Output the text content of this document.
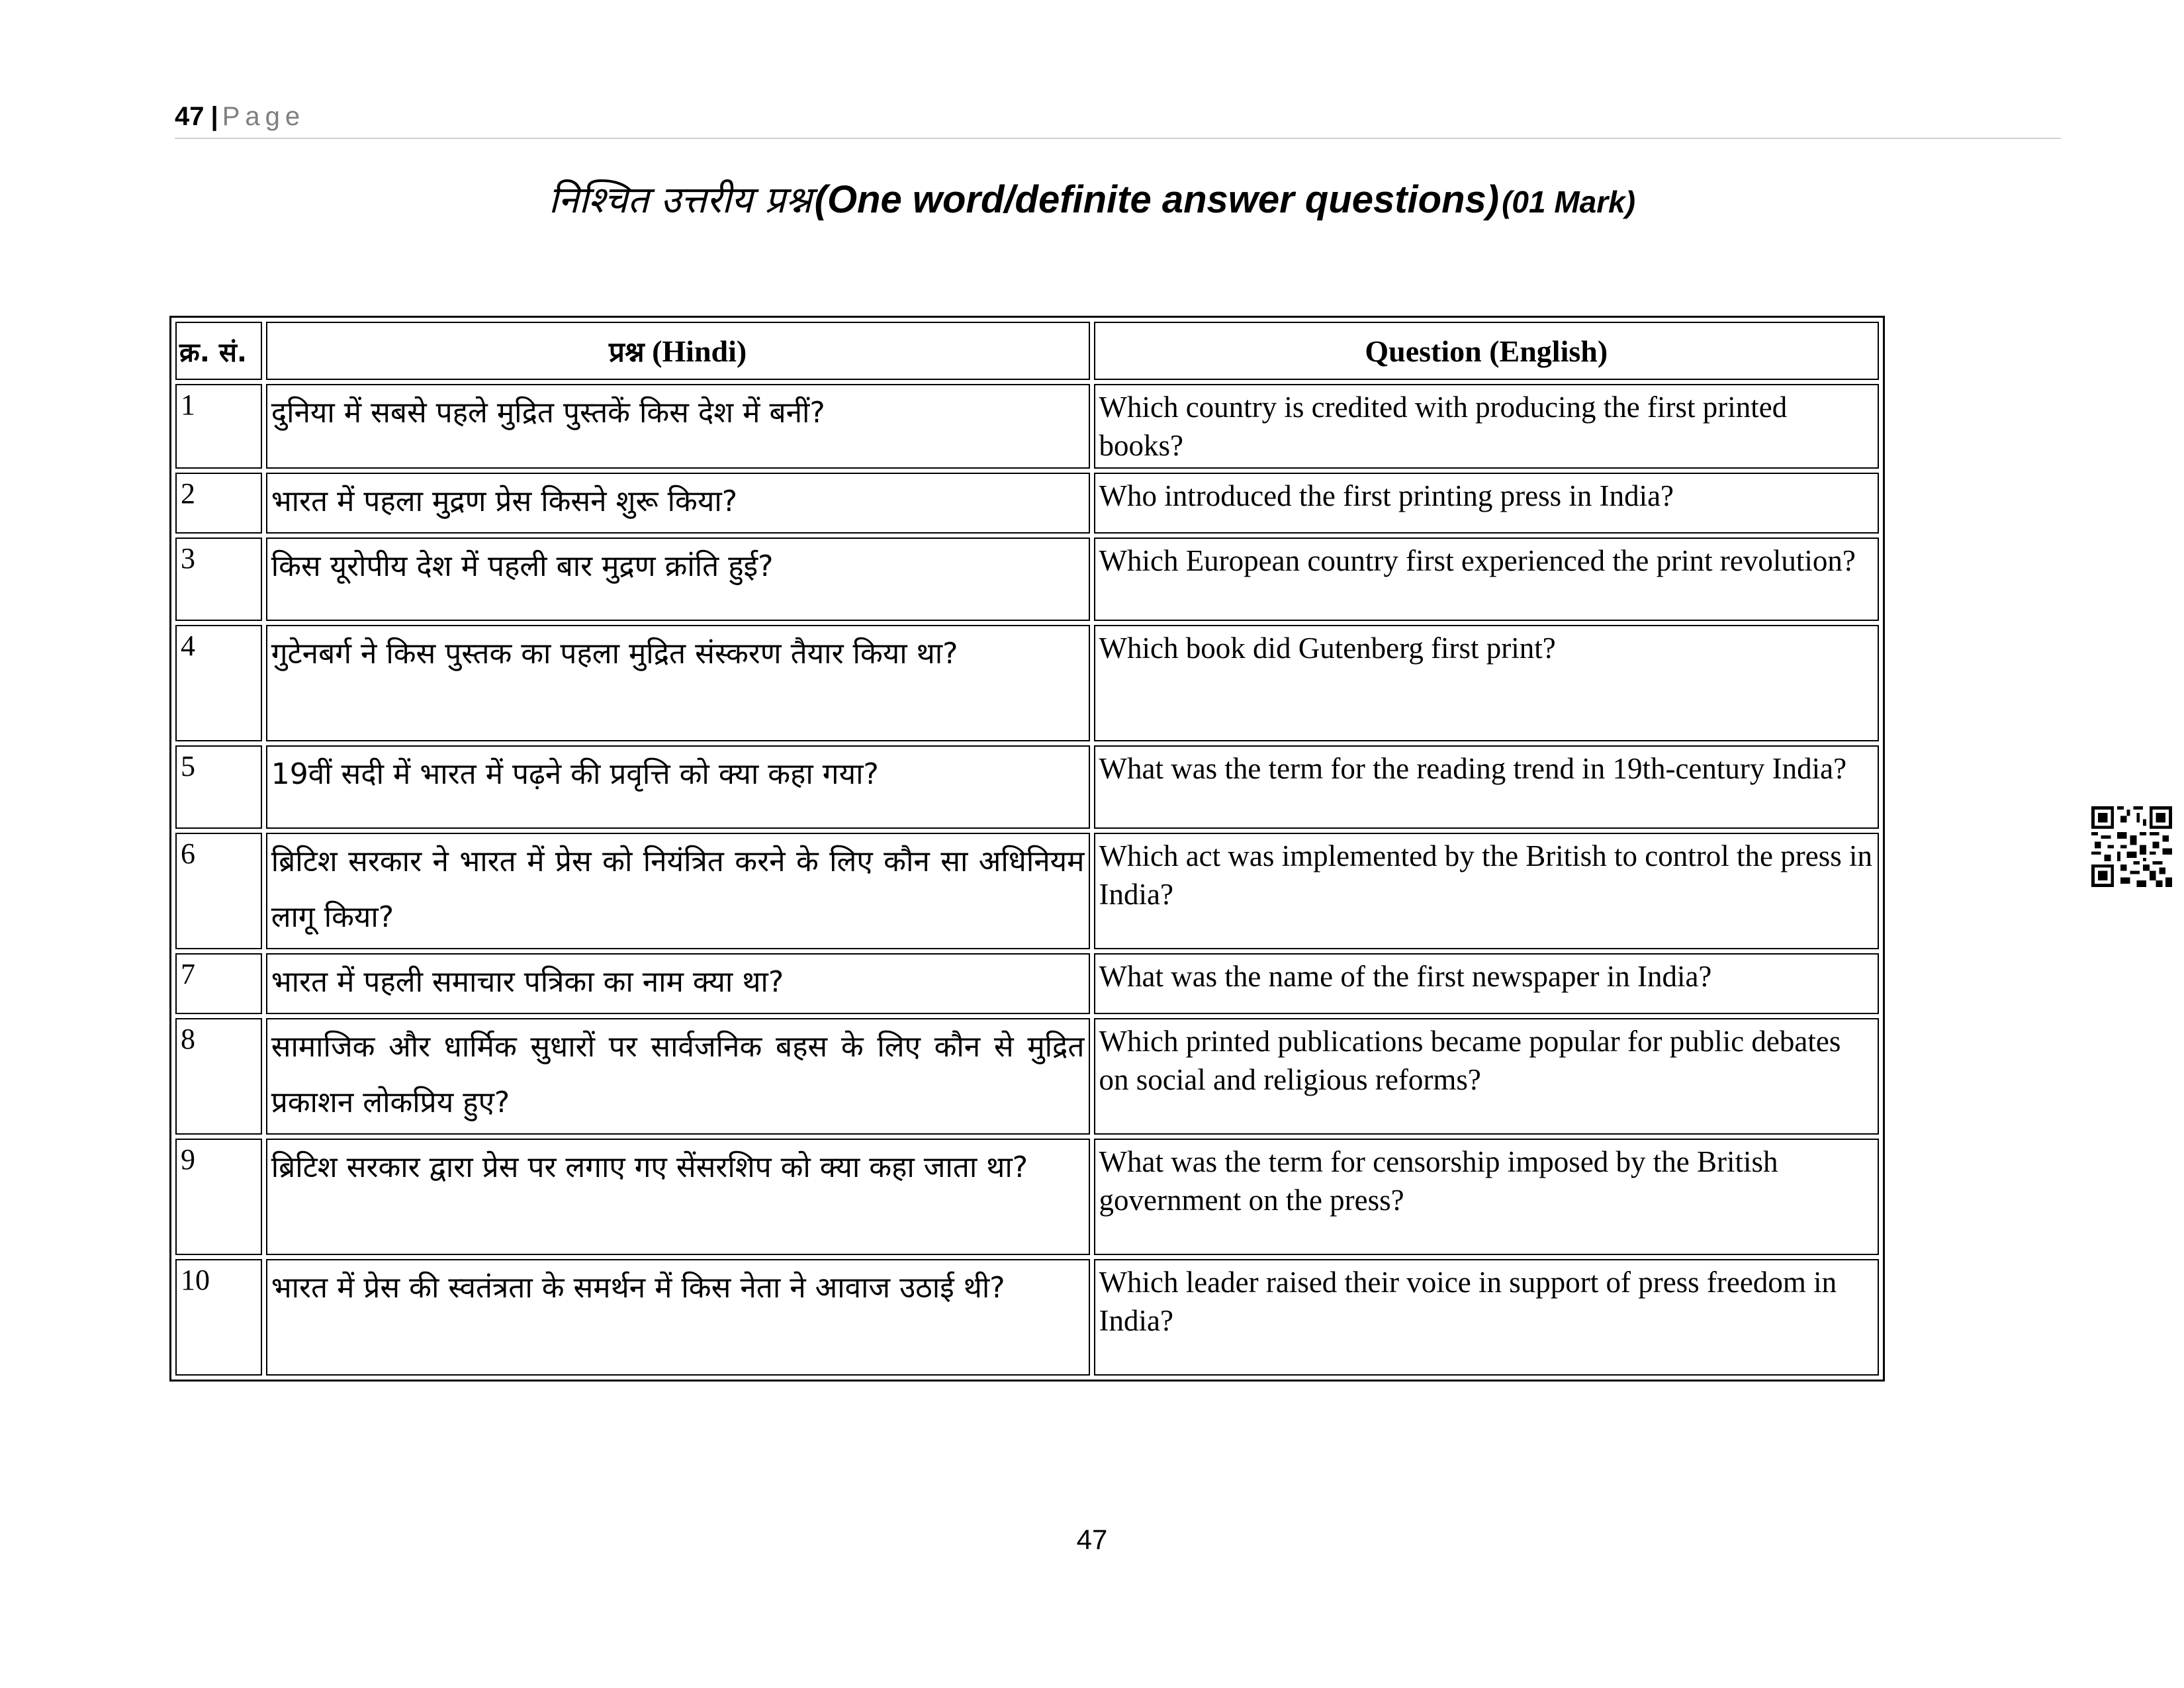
47 | Page
निश्चित उत्तरीय प्रश्न (One word/definite answer questions) (01 Mark)
क्र. सं.	प्रश्न (Hindi)	Question (English)
1	दुनिया में सबसे पहले मुद्रित पुस्तकें किस देश में बनीं?	Which country is credited with producing the first printed books?
2	भारत में पहला मुद्रण प्रेस किसने शुरू किया?	Who introduced the first printing press in India?
3	किस यूरोपीय देश में पहली बार मुद्रण क्रांति हुई?	Which European country first experienced the print revolution?
4	गुटेनबर्ग ने किस पुस्तक का पहला मुद्रित संस्करण तैयार किया था?	Which book did Gutenberg first print?
5	19वीं सदी में भारत में पढ़ने की प्रवृत्ति को क्या कहा गया?	What was the term for the reading trend in 19th-century India?
6	ब्रिटिश सरकार ने भारत में प्रेस को नियंत्रित करने के लिए कौन सा अधिनियम लागू किया?	Which act was implemented by the British to control the press in India?
7	भारत में पहली समाचार पत्रिका का नाम क्या था?	What was the name of the first newspaper in India?
8	सामाजिक और धार्मिक सुधारों पर सार्वजनिक बहस के लिए कौन से मुद्रित प्रकाशन लोकप्रिय हुए?	Which printed publications became popular for public debates on social and religious reforms?
9	ब्रिटिश सरकार द्वारा प्रेस पर लगाए गए सेंसरशिप को क्या कहा जाता था?	What was the term for censorship imposed by the British government on the press?
10	भारत में प्रेस की स्वतंत्रता के समर्थन में किस नेता ने आवाज उठाई थी?	Which leader raised their voice in support of press freedom in India?
47
